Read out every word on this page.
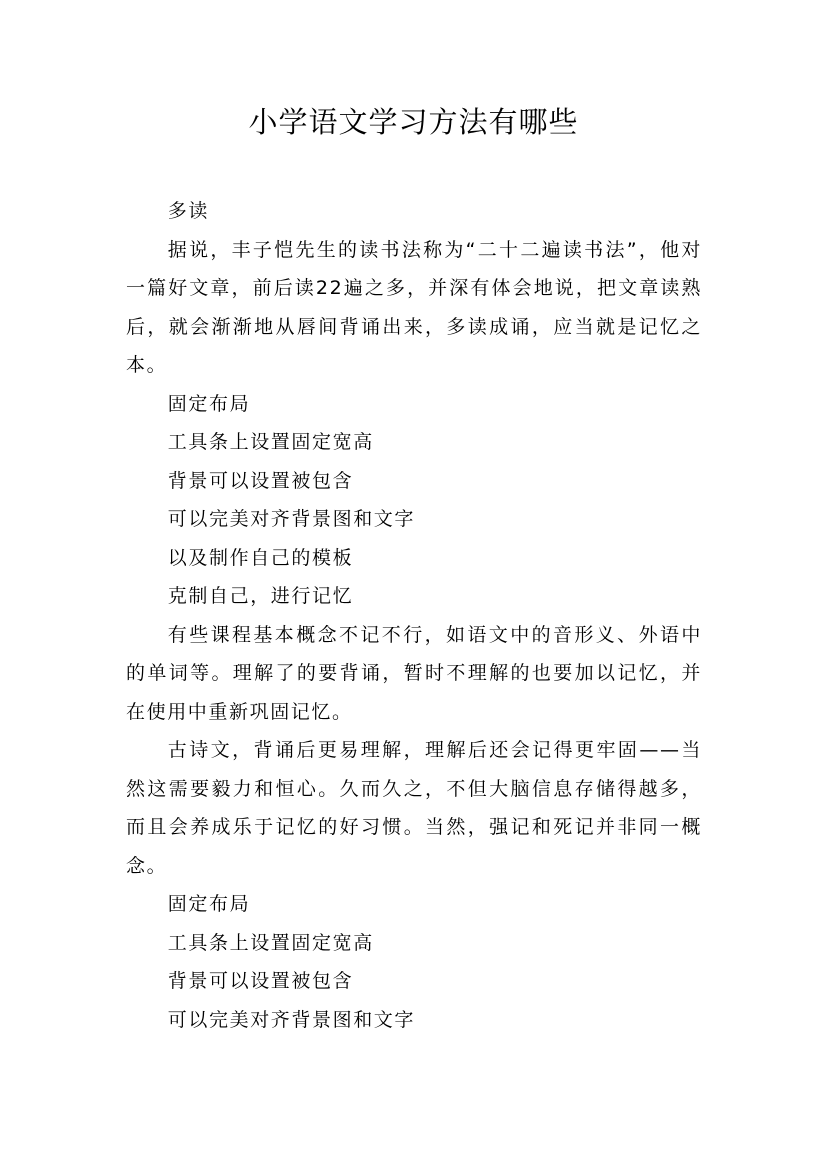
小学语文学习方法有哪些

多读

据说，丰子恺先生的读书法称为“二十二遍读书法”，他对一篇好文章，前后读22遍之多，并深有体会地说，把文章读熟后，就会渐渐地从唇间背诵出来，多读成诵，应当就是记忆之本。

固定布局

工具条上设置固定宽高

背景可以设置被包含

可以完美对齐背景图和文字

以及制作自己的模板

克制自己，进行记忆

有些课程基本概念不记不行，如语文中的音形义、外语中的单词等。理解了的要背诵，暂时不理解的也要加以记忆，并在使用中重新巩固记忆。

古诗文，背诵后更易理解，理解后还会记得更牢固——当然这需要毅力和恒心。久而久之，不但大脑信息存储得越多，而且会养成乐于记忆的好习惯。当然，强记和死记并非同一概念。

固定布局

工具条上设置固定宽高

背景可以设置被包含

可以完美对齐背景图和文字
